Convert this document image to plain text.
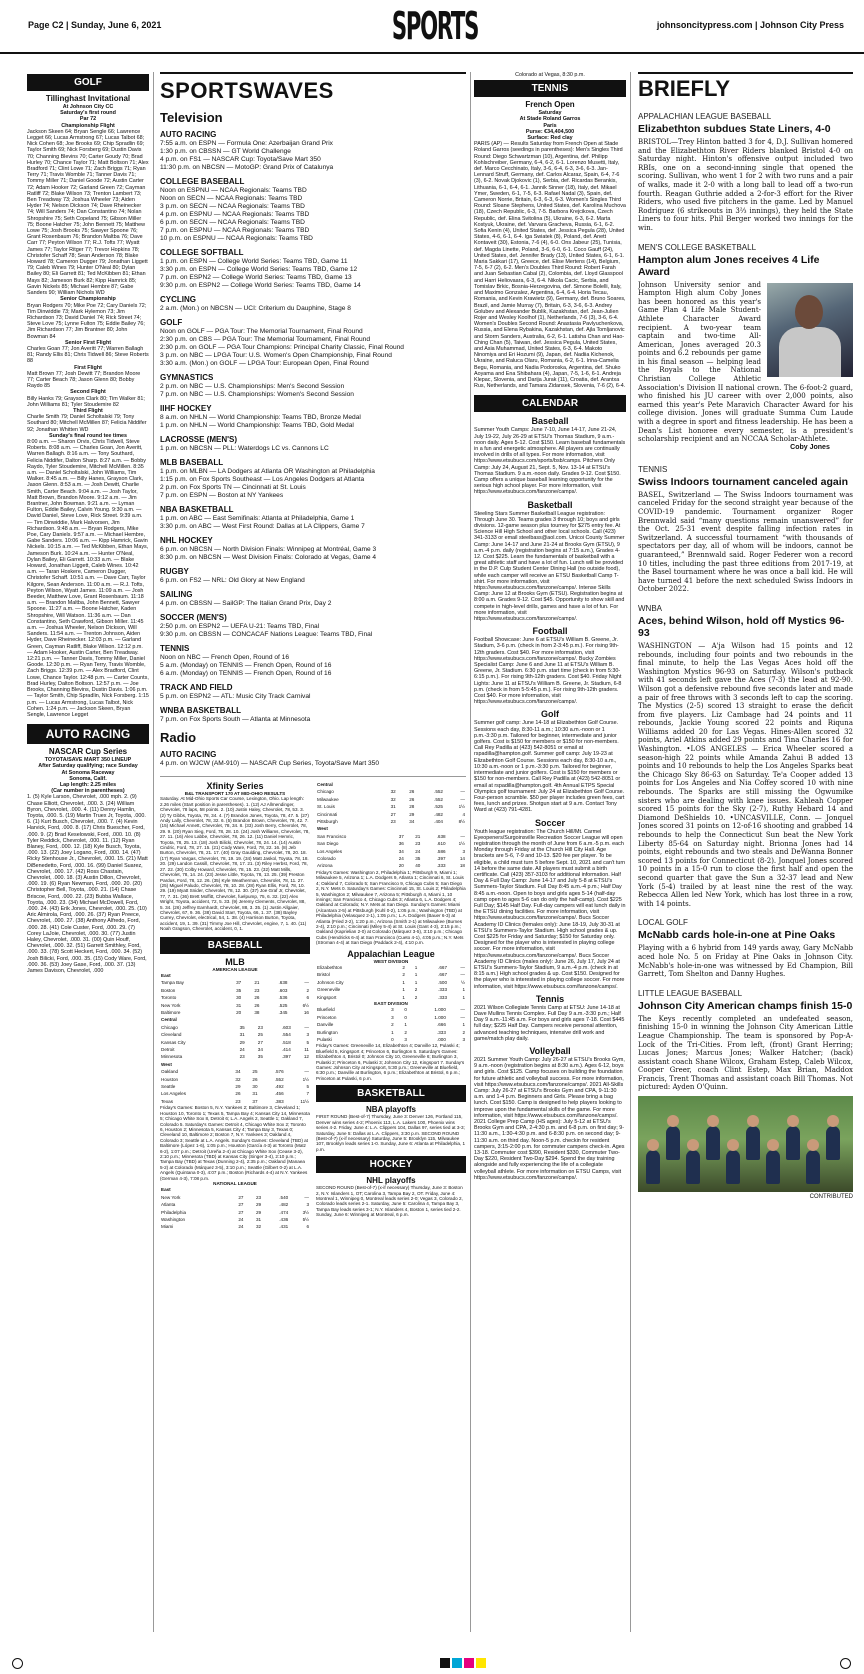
Page C2 | Sunday, June 6, 2021	SPORTS	johnsoncitypress.com | Johnson City Press
GOLF
Tillinghast Invitational
At Johnson City CC
Saturday's first round
Par 72
Championship Flight
Jackson Skeen 64; Bryan Sengle 66; Lawrence Legget 66; Lucas Armstrong 67; Lucas Talbot 68; Nick Cohen 68; Joe Brooks 69; Chip Spradlin 69; Taylor Smith 69; Nick Forsberg 69; Dustin Davis 70; Channing Blevins 70; Carter Goudy 70; Brad Hurley 70; Chance Taylor 71; Matt Boltson 71; Alex Bradford 71; Clint Lowe 71; Zach Briggs 71; Ryan Terry 71; Travis Womble 71; Tanner Davis 71; Tommy Miller 71; Daniel Goode 72; Austin Carter 72; Adam Hooker 72; Garland Green 72; Cayman Ratliff 72; Blake Wilson 73; Trenton Lambert 73; Ben Treadway 73; Joshua Wheeler 73; Aiden Hyder 74; Nelson Dickson 74; Dave Rheinecker 74; Will Sanders 74; Dan Constantino 74; Nolan Shropshire 75; Seth Copeland 75; Gibson Miller 75; Boone Hatcher 75; John Bennett 75; Matthew Lowe 75; Josh Brooks 75; Sawyer Spoone 76; Grant Rosenbaum 76; Brandon Maltba 76; Dave Carr 77; Peyton Wilson 77; R.J. Tofts 77; Wyatt James 77; Taylor Ritger 77; Trevor Hopkins 78; Christofer Schaff 78; Sean Anderson 78; Blake Howard 78; Cameron Dugger 79; Jonathan Liggett 79; Caleb Wines 79; Hunter O'Neal 80; Dylan Bailey 80; Eli Garrett 81; Ted McKibben 81; Ethan Mays 82; Jameson Burk 82; Kipp Hamrick 85; Gavin Nickels 85; Michael Hembre 87; Gabe Sanders 90; William Nichols WD
Senior Championship
Bryan Rodgers 70; Mike Poe 72; Cary Daniels 72; Tim Dinwiddie 73; Mark Hylemon 73; Jim Richardson 73; David Daniel 74; Rick Street 74; Steve Love 75; Lynne Fulton 75; Eddie Bailey 76; Jim Richardson 77; Jim Brantner 80; John Bowman 84
Senior First Flight
Charles Goan 77; Jon Averitt 77; Warren Ballagh 81; Randy Ellis 81; Chris Tidwell 86; Steve Roberts 88
First Flight
Matt Brown 77; Josh Dewitt 77; Brandon Moore 77; Carter Beach 78; Jason Glenn 80; Bobby Raydo 85
Second Flight
Billy Hanks 79; Grayson Clark 80; Tim Walker 81; John Williams 81; Tyler Stoudemire 82
Third Flight
Charlie Smith 79; Daniel Scholtalski 79; Tony Southard 80; Mitchell McMillen 87; Felicia Niddifer 92; Jonathan Whitten WD
Sunday's final round tee times
8:00 a.m. — Sharon Orvis, Chris Tidwell, Steve Roberts. 8:08 a.m. — Charles Goan, Jon Averitt, Warren Ballagh. 8:16 a.m. — Tony Southard, Felicia Niddifer, Dalton Sharp. 8:27 a.m. — Bobby Raydo, Tyler Stoudemire, Mitchell McMillen. 8:35 a.m. — Daniel Scholtalski, John Williams, Tim Walker. 8:45 a.m. — Billy Hanes, Grayson Clark, Jason Glenn. 8:53 a.m. — Josh Dewitt, Charlie Smith, Carter Beach. 9:04 a.m. — Josh Taylor, Matt Brown, Brandon Moore. 9:12 a.m. — Jim Brantner, John Bowman. 9:21 a.m. — Lyman Fulton, Eddie Bailey, Calvin Young. 9:30 a.m. — David Daniel, Steve Love, Rick Street. 9:39 a.m. — Tim Dinwiddie, Mark Halvorsen, Jim Richardson. 9:48 a.m. — Bryan Rodgers, Mike Poe, Cary Daniels. 9:57 a.m. — Michael Hembre, Gabe Sanders. 10:06 a.m. — Kipp Hamrick, Gavin Nickels. 10:15 a.m. — Ted McKibben, Ethan Mays, Jameson Burk. 10:24 a.m. — Hunter O'Neal, Dylan Bailey, Eli Garrett. 10:33 a.m. — Blake Howard, Jonathan Liggett, Caleb Wines. 10:42 a.m. — Taran Hoskere, Cameron Dugger, Christofer Schaff. 10:51 a.m. — Dave Carr, Taylor Kilgore, Sean Anderson. 11:00 a.m. — R.J. Tofts, Peyton Wilson, Wyatt James. 11:09 a.m. — Josh Beeder, Matthew Love, Grant Rosenbaum. 11:18 a.m. — Brandon Maltba, John Bennett, Sawyer Spoone. 11:27 a.m. — Boone Hatcher, Kaden Shropshire, Will Watson. 11:36 a.m. — Dan Constantino, Seth Crawford, Gibson Miller. 11:45 a.m. — Joshua Wheeler, Nelson Dickson, Will Sanders. 11:54 a.m. — Trenton Johnson, Aiden Hyder, Dave Rheinecker. 12:03 p.m. — Garland Green, Cayman Ratliff, Blake Wilson. 12:12 p.m. — Adam Hooker, Austin Carter, Ben Treadway. 12:21 p.m. — Tanner Davis, Tommy Miller, Daniel Goode. 12:30 p.m. — Ryan Terry, Travis Womble, Zach Briggs. 12:39 p.m. — Alex Bradford, Clint Lowe, Chance Taylor. 12:48 p.m. — Carter Counts, Brad Hurley, Dalton Boltson. 12:57 p.m. — Joe Brooks, Channing Blevins, Dustin Davis. 1:06 p.m. — Taylor Smith, Chip Spradlin, Nick Forsberg. 1:15 p.m. — Lucas Armstrong, Lucas Talbot, Nick Cohen. 1:24 p.m. — Jackson Skeen, Bryan Sengle, Lawrence Legget
AUTO RACING
NASCAR Cup Series
TOYOTA/SAVE MART 350 LINEUP
After Saturday qualifying; race Sunday
At Sonoma Raceway
Sonoma, Calif.
Lap length: 2.25 miles
(Car number in parentheses)
1. (5) Kyle Larson, Chevrolet, .000 mph. 2. (9) Chase Elliott, Chevrolet, .000. 3. (24) William Byron, Chevrolet, .000. 4. (11) Denny Hamlin, Toyota, .000. 5. (19) Martin Truex Jr, Toyota, .000. 6. (1) Kurt Busch, Chevrolet, .000. 7. (4) Kevin Harvick, Ford, .000. 8. (17) Chris Buescher, Ford, .000. 9. (2) Brad Keselowski, Ford, .000. 10. (8) Tyler Reddick, Chevrolet, .000. 11. (12) Ryan Blaney, Ford, .000. 12. (18) Kyle Busch, Toyota, .000. 13. (22) Joey Logano, Ford, .000. 14. (47) Ricky Stenhouse Jr., Chevrolet, .000. 15. (21) Matt DiBenedetto, Ford, .000. 16. (99) Daniel Suarez, Chevrolet, .000. 17. (42) Ross Chastain, Chevrolet, .000. 18. (3) Austin Dillon, Chevrolet, .000. 19. (6) Ryan Newman, Ford, .000. 20. (20) Christopher Bell, Toyota, .000. 21. (14) Chase Briscoe, Ford, .000. 22. (23) Bubba Wallace, Toyota, .000. 23. (34) Michael McDowell, Ford, .000. 24. (43) Erik Jones, Chevrolet, .000. 25. (10) Aric Almirola, Ford, .000. 26. (37) Ryan Preece, Chevrolet, .000. 27. (38) Anthony Alfredo, Ford, .000. 28. (41) Cole Custer, Ford, .000. 29. (7) Corey LaJoie, Chevrolet, .000. 30. (77) Justin Haley, Chevrolet, .000. 31. (00) Quin Houff, Chevrolet, .000. 32. (51) Garrett Smithley, Ford, .000. 33. (78) Scott Heckert, Ford, .000. 34. (52) Josh Bilicki, Ford, .000. 35. (15) Cody Ware, Ford, .000. 36. (53) Joey Gase, Ford, .000. 37. (13) James Davison, Chevrolet, .000
SPORTSWAVES
Television
AUTO RACING
7:55 a.m. on ESPN — Formula One: Azerbaijan Grand Prix
1:30 p.m. on CBSSN — GT World Challenge
4 p.m. on FS1 — NASCAR Cup: Toyota/Save Mart 350
11:30 p.m. on NBCSN — MotoGP: Grand Prix of Catalunya
COLLEGE BASEBALL
Noon on ESPNU — NCAA Regionals: Teams TBD
Noon on SECN — NCAA Regionals: Teams TBD
3 p.m. on SECN — NCAA Regionals: Teams TBD
4 p.m. on ESPNU — NCAA Regionals: Teams TBD
6 p.m. on SECN — NCAA Regionals: Teams TBD
7 p.m. on ESPNU — NCAA Regionals: Teams TBD
10 p.m. on ESPNU — NCAA Regionals: Teams TBD
COLLEGE SOFTBALL
1 p.m. on ESPN — College World Series: Teams TBD, Game 11
3:30 p.m. on ESPN — College World Series: Teams TBD, Game 12
7 p.m. on ESPN2 — College World Series: Teams TBD, Game 13
9:30 p.m. on ESPN2 — College World Series: Teams TBD, Game 14
CYCLING
2 a.m. (Mon.) on NBCSN — UCI: Criterium du Dauphine, Stage 8
GOLF
Noon on GOLF — PGA Tour: The Memorial Tournament, Final Round
2:30 p.m. on CBS — PGA Tour: The Memorial Tournament, Final Round
2:30 p.m. on GOLF — PGA Tour Champions: Principal Charity Classic, Final Round
3 p.m. on NBC — LPGA Tour: U.S. Women's Open Championship, Final Round
3:30 a.m. (Mon.) on GOLF — LPGA Tour: European Open, Final Round
GYMNASTICS
2 p.m. on NBC — U.S. Championships: Men's Second Session
7 p.m. on NBC — U.S. Championships: Women's Second Session
IIHF HOCKEY
8 a.m. on NHLN — World Championship: Teams TBD, Bronze Medal
1 p.m. on NHLN — World Championship: Teams TBD, Gold Medal
LACROSSE (MEN'S)
1 p.m. on NBCSN — PLL: Waterdogs LC vs. Cannons LC
MLB BASEBALL
1 p.m. on MLBN — LA Dodgers at Atlanta OR Washington at Philadelphia
1:15 p.m. on Fox Sports Southeast — Los Angeles Dodgers at Atlanta
2 p.m. on Fox Sports TN — Cincinnati at St. Louis
7 p.m. on ESPN — Boston at NY Yankees
NBA BASKETBALL
1 p.m. on ABC — East Semifinals: Atlanta at Philadelphia, Game 1
3:30 p.m. on ABC — West First Round: Dallas at LA Clippers, Game 7
NHL HOCKEY
6 p.m. on NBCSN — North Division Finals: Winnipeg at Montréal, Game 3
8:30 p.m. on NBCSN — West Division Finals: Colorado at Vegas, Game 4
RUGBY
6 p.m. on FS2 — NRL: Old Glory at New England
SAILING
4 p.m. on CBSSN — SailGP: The Italian Grand Prix, Day 2
SOCCER (MEN'S)
2:50 p.m. on ESPN2 — UEFA U-21: Teams TBD, Final
9:30 p.m. on CBSSN — CONCACAF Nations League: Teams TBD, Final
TENNIS
Noon on NBC — French Open, Round of 16
5 a.m. (Monday) on TENNIS — French Open, Round of 16
6 a.m. (Monday) on TENNIS — French Open, Round of 16
TRACK AND FIELD
5 p.m. on ESPN2 — ATL: Music City Track Carnival
WNBA BASKETBALL
7 p.m. on Fox Sports South — Atlanta at Minnesota
Radio
AUTO RACING
4 p.m. on WJCW (AM-910) — NASCAR Cup Series, Toyota/Save Mart 350
Xfinity Series
B&L TRANSPORT 170 AT MID-OHIO RESULTS
Saturday. At Mid-Ohio Sports Car Course, Lexington, Ohio. Lap length: 2.26 miles (Start position in parentheses). 1. (12) AJ Allmendinger, Chevrolet, 78 laps, 58 points. 2. (10) Justin Haley, Chevrolet, 78, 53. 3. (2) Ty Gibbs, Toyota, 78, 34. 4. (7) Brandon Jones, Toyota, 78, 47. 5. (27) Andy Lally, Chevrolet, 78, 32. 6. (5) Brandon Brown, Chevrolet, 78, 42. 7. (15) Michael Annett, Chevrolet, 78, 34. 8. (33) Josh Berry, Chevrolet, 78, 29. 9. (20) Ryan Sieg, Ford, 78, 28. 10. (24) Josh Williams, Chevrolet, 78, 27. 11. (16) Alex Labbe, Chevrolet, 78, 26. 12. (11) Daniel Hemric, Toyota, 78, 25. 13. (18) Josh Bilicki, Chevrolet, 78, 24. 14. (14) Austin Cindric, Ford, 78, 27. 15. (21) Cody Ware, Ford, 78, 22. 16. (8) Jeb Burton, Chevrolet, 78, 21. 17. (40) Gray Gaulding, Chevrolet, 78, 20. 18. (17) Ryan Vargas, Chevrolet, 78, 19. 19. (34) Matt Jaskol, Toyota, 78, 18. 20. (29) Landon Cassill, Chevrolet, 78, 17. 21. (3) Riley Herbst, Ford, 78, 27. 22. (30) Colby Howard, Chevrolet, 78, 15. 23. (32) Matt Mills, Chevrolet, 78, 14. 24. (23) Jesse Little, Toyota, 78, 13. 25. (39) Preston Pardus, Ford, 78, 12. 26. (35) Kyle Weatherman, Chevrolet, 78, 11. 27. (25) Miguel Paludo, Chevrolet, 78, 10. 28. (28) Ryan Ellis, Ford, 78, 10. 29. (19) Myatt Snider, Chevrolet, 78, 12. 30. (37) Joe Graf Jr, Chevrolet, 77, 7. 31. (36) Brett Moffitt, Chevrolet, fuelpump, 75, 6. 32. (22) Alex Wright, Toyota, accident, 72, 5. 33. (9) Jeremy Clements, Chevrolet, 88, 5. 34. (26) Jeffrey Earnhardt, Chevrolet, 88, 3. 35. (1) Justin Allgaier, Chevrolet, 67, 9. 36. (38) David Starr, Toyota, 66, 1. 37. (38) Bayley Currey, Chevrolet, electrical, 54, 1. 38. (4) Harrison Burton, Toyota, accident, 19, 1. 39. (31) Timmy Joe Hill, Chevrolet, engine, 7, 1. 40. (11) Noah Gragson, Chevrolet, accident, 0, 1.
BASEBALL
MLB
AMERICAN LEAGUE
East				
Tampa Bay	37	21	.638	—
Boston	35	23	.603	2
Toronto	30	26	.536	6
New York	31	26	.525	6½
Baltimore	20	38	.345	16
Central				
Chicago	35	23	.603	—
Cleveland	31	25	.554	3
Kansas City	29	27	.518	5
Detroit	24	34	.414	11
Minnesota	23	35	.397	12
West				
Oakland	34	25	.576	—
Houston	32	26	.552	1½
Seattle	29	30	.492	5
Los Angeles	26	31	.456	7
Texas	23	37	.383	11½
Friday's Games: Boston 5, N.Y. Yankees 2; Baltimore 3, Cleveland 1; Houston 10, Toronto 1; Texas 5, Tampa Bay 4; Kansas City 14, Minnesota 5; Chicago White Sox 8, Detroit 6; L.A. Angels 2, Seattle 1; Oakland 7, Colorado 5. Saturday's Games: Detroit 4, Chicago White Sox 2; Toronto 6, Houston 2; Minnesota 5, Kansas City 4; Tampa Bay 3, Texas 0; Cleveland 10, Baltimore 2; Boston 7, N.Y. Yankees 3; Oakland 4, Colorado 3; Seattle at L.A. Angels. Sunday's Games: Cleveland (TBD) at Baltimore (López 1-6), 1:05 p.m.; Houston (García 4-3) at Toronto (Matz 6-2), 1:07 p.m.; Detroit (Ureña 2-4) at Chicago White Sox (Cease 3-2), 2:10 p.m.; Minnesota (TBD) at Kansas City (Singer 3-4), 2:10 p.m.; Tampa Bay (TBD) at Texas (Dunning 2-4), 2:35 p.m.; Oakland (Manaea 5-2) at Colorado (Márquez 3-5), 3:10 p.m.; Seattle (Gilbert 0-2) at L.A. Angels (Quintana 0-3), 4:07 p.m.; Boston (Richards 4-4) at N.Y. Yankees (German 4-3), 7:08 p.m.
NATIONAL LEAGUE
East				
New York	27	23	.540	—
Atlanta	27	29	.482	3
Philadelphia	27	29	.474	3½
Washington	24	31	.436	5½
Miami	24	32	.431	6
Central				
Chicago	32	26	.552	—
Milwaukee	32	26	.552	—
St. Louis	31	28	.525	1½
Cincinnati	27	29	.482	4
Pittsburgh	23	34	.404	8½
West				
San Francisco	37	21	.638	—
San Diego	36	23	.610	1½
Los Angeles	34	24	.586	3
Colorado	24	35	.397	14
Arizona	20	40	.333	18
Friday's Games: Washington 2, Philadelphia 1; Pittsburgh 9, Miami 1; Milwaukee 5, Arizona 1; L.A. Dodgers 9, Atlanta 1; Cincinnati 6, St. Louis 4; Oakland 7, Colorado 5; San Francisco 9, Chicago Cubs 5; San Diego 2, N.Y. Mets 0. Saturday's Games: Cincinnati 15, St. Louis 2; Philadelphia 5, Washington 2; Milwaukee 7, Arizona 5; Pittsburgh 4, Miami 1, 10 innings; San Francisco 4, Chicago Cubs 3; Atlanta 6, L.A. Dodgers 4; Oakland at Colorado; N.Y. Mets at San Diego. Sunday's Games: Miami (Alcantara 2-5) at Pittsburgh (Kuhl 0-2), 1:05 p.m.; Washington (TBD) at Philadelphia (Velasquez 2-1), 1:05 p.m.; L.A. Dodgers (Bauer 6-3) at Atlanta (Fried 2-2), 1:20 p.m.; Arizona (Smith 2-1) at Milwaukee (Burnes 2-4), 2:10 p.m.; Cincinnati (Miley 5-4) at St. Louis (Gant 4-3), 2:15 p.m.; Oakland (Kaprielian 2-0) at Colorado (Márquez 3-5), 3:10 p.m.; Chicago Cubs (Hendricks 6-4) at San Francisco (Cueto 4-1), 4:05 p.m.; N.Y. Mets (Stroman 4-4) at San Diego (Paddack 2-4), 4:10 p.m.
Appalachian League
WEST DIVISION
Elizabethton	2	1	.667	—
Bristol	2	1	.667	—
Johnson City	1	1	.500	½
Greeneville	1	2	.333	1
Kingsport	1	2	.333	1
EAST DIVISION
Bluefield	3	0	1.000	—
Princeton	3	0	1.000	—
Danville	2	1	.666	1
Burlington	1	2	.333	2
Pulaski	0	3	.000	3
Friday's Games: Greeneville 14, Elizabethton 4; Danville 12, Pulaski 4; Bluefield 5, Kingsport 4; Princeton 6, Burlington 5. Saturday's Games: Elizabethton 4, Bristol 0; Johnson City 10, Greeneville 6; Burlington 3, Pulaski 2; Princeton 6, Pulaski 3; Johnson City 12, Kingsport 7. Sunday's Games: Johnson City at Kingsport, 5:30 p.m.; Greeneville at Bluefield, 6:30 p.m.; Danville at Burlington, 6 p.m.; Elizabethton at Bristol, 6 p.m.; Princeton at Pulaski, 6 p.m.
BASKETBALL
NBA playoffs
FIRST ROUND (Best-of-7) Thursday, June 3: Denver 126, Portland 115, Denver wins series 4-2; Phoenix 113, L.A. Lakers 100, Phoenix wins series 4-2. Friday, June 4: L.A. Clippers 104, Dallas 97, series tied at 3-3; Saturday, June 5: Dallas at L.A. Clippers, 3:30 p.m. SECOND ROUND (Best-of-7) (x-if necessary) Saturday, June 5: Brooklyn 115, Milwaukee 107, Brooklyn leads series 1-0. Sunday, June 6: Atlanta at Philadelphia, 1 p.m.
HOCKEY
NHL playoffs
SECOND ROUND (Best-of-7) (x-if necessary) Thursday, June 3: Boston 2, N.Y. Islanders 1, OT; Carolina 3, Tampa Bay 2, OT. Friday, June 4: Montreal 1, Winnipeg 0, Montreal leads series 2-0; Vegas 3, Colorado 2, Colorado leads series 2-1. Saturday, June 5: Carolina 4, Tampa Bay 3, Tampa Bay leads series 3-1; N.Y. Islanders 4, Boston 1, series tied 2-2. Sunday, June 6: Winnipeg at Montreal, 6 p.m.
Colorado at Vegas, 8:30 p.m.
TENNIS
French Open
Saturday
At Stade Roland Garros
Paris
Purse: €34,404,500
Surface: Red clay
PARIS (AP) — Results Saturday from French Open at Stade Roland Garros (seedings in parentheses): Men's Singles Third Round: Diego Schwartzman (10), Argentina, def. Philipp Kohlschreiber, Germany, 6-4, 6-2, 6-1. Lorenzo Musetti, Italy, def. Marco Cecchinato, Italy, 3-6, 6-4, 6-3, 3-6, 6-3. Jan-Lennard Struff, Germany, def. Carlos Alcaraz, Spain, 6-4, 7-6 (3), 6-2. Novak Djokovic (1), Serbia, def. Ricardas Berankis, Lithuania, 6-1, 6-4, 6-1. Jannik Sinner (18), Italy, def. Mikael Ymer, Sweden, 6-1, 7-5, 6-3. Rafael Nadal (3), Spain, def. Cameron Norrie, Britain, 6-3, 6-3, 6-3. Women's Singles Third Round: Sloane Stephens, United States, def. Karolina Muchova (18), Czech Republic, 6-3, 7-5. Barbora Krejcikova, Czech Republic, def. Elina Svitolina (5), Ukraine, 6-3, 6-2. Marta Kostyuk, Ukraine, def. Varvara Gracheva, Russia, 6-1, 6-2. Sofia Kenin (4), United States, def. Jessica Pegula (28), United States, 4-6, 6-1, 6-4. Iga Swiatek (8), Poland, def. Anett Kontaveit (30), Estonia, 7-6 (4), 6-0. Ons Jabeur (25), Tunisia, def. Magda Linette, Poland, 3-6, 6-0, 6-1. Coco Gauff (24), United States, def. Jennifer Brady (13), United States, 6-1, 6-1. Maria Sakkari (17), Greece, def. Elise Mertens (14), Belgium, 7-5, 6-7 (2), 6-2. Men's Doubles Third Round: Robert Farah and Juan Sebastian Cabal (2), Colombia, def. Lloyd Glasspool and Harri Heliovaara, 6-3, 6-4. Nikola Cacic, Serbia, and Tomislav Brkic, Bosnia-Herzegovina, def. Simone Bolelli, Italy, and Maximo Gonzalez, Argentina, 6-4, 6-4. Horia Tecau, Romania, and Kevin Krawietz (9), Germany, def. Bruno Soares, Brazil, and Jamie Murray (7), Britain, 6-3, 3-6, 6-3. Andrey Golubev and Alexander Bublik, Kazakhstan, def. Jean-Julien Rojer and Wesley Koolhof (1), Netherlands, 7-6 (3), 3-6, 6-4. Women's Doubles Second Round: Anastasia Pavlyuchenkova, Russia, and Elena Rybakina, Kazakhstan, def. Ajla Tomljanovic and Storm Sanders, Australia, 6-2, 6-1. Latisha Chan and Hao-Ching Chan (5), Taiwan, def. Jessica Pegula, United States, and Asia Muhammad, United States, 6-3, 6-4. Makoto Ninomiya and Eri Hozumi (9), Japan, def. Nadiia Kichenok, Ukraine, and Raluca Olaru, Romania, 6-2, 6-1. Irina-Camelia Begu, Romania, and Nadia Podoroska, Argentina, def. Shuko Aoyama and Ena Shibahara (4), Japan, 7-5, 1-6, 6-1. Andreja Klepac, Slovenia, and Darija Jurak (11), Croatia, def. Arantxa Rus, Netherlands, and Tamara Zidansek, Slovenia, 7-6 (2), 6-4.
CALENDAR
Baseball
Summer Youth Camps: June 7-10, June 14-17, June 21-24, July 19-22, July 26-29 at ETSU's Thomas Stadium, 9 a.m.-noon daily. Ages 5-12. Cost $150. Learn baseball fundamentals in a fun and energetic atmosphere. All players are continually involved in drills of all types. For more information, visit https://www.etsubucs.com/sports/bsb/camps. Pitchers Only Camp: July 24, August 21, Sept. 5, Nov. 13-14 at ETSU's Thomas Stadium. 9 a.m.-noon daily. Grades 9-12. Cost $150. Camp offers a unique baseball learning opportunity for the serious high school player. For more information, visit https://www.etsubucs.com/fanzone/camps/.
Basketball
Steeling Stars Summer Basketball League registration: Through June 30. Teams grades 3 through 10; boys and girls divisions. 12-game season plus tourney for $275 entry fee. At Science Hill High School and other local schools. Call (423) 341-3133 or email steelbass@aol.com. Unicoi County Summer Camp: June 14-17 and June 21-24 at Brooks Gym (ETSU), 9 a.m.-4 p.m. daily (registration begins at 7:15 a.m.), Grades 4-12. Cost $225. Learn the fundamentals of basketball with a great athletic staff and have a lot of fun. Lunch will be provided in the D.P. Culp Student Center Dining Hall (no outside food), while each camper will receive an ETSU Basketball Camp T-shirt. For more information, visit https://www.etsubucs.com/fanzone/camps/. Intense Skills Camp: June 12 at Brooks Gym (ETSU). Registration begins at 8:00 a.m. Grades 9-12. Cost $45. Opportunity to show skill and compete in high-level drills, games and have a lot of fun. For more information, visit https://www.etsubucs.com/fanzone/camps/.
Football
Football Showcase: June 6 at ETSU's William B. Greene, Jr. Stadium, 3-6 p.m. (check in from 2-3:45 p.m.). For rising 9th-12th graders. Cost $40. For more information, visit https://www.etsubucs.com/fanzone/camps/. Bucky Zombies Specialist Camp: June 6 and June 11 at ETSU's William B. Greene, Jr. Stadium. 6:30 p.m. start time (check in from 5:30-6:15 p.m.). For rising 9th-12th graders. Cost $40. Friday Night Lights: June 11 at ETSU's William B. Greene, Jr. Stadium, 6-8 p.m. (check in from 5-5:45 p.m.). For rising 9th-12th graders. Cost $40. For more information, visit https://www.etsubucs.com/fanzone/camps/.
Golf
Summer golf camp: June 14-18 at Elizabethton Golf Course. Sessions each day, 8:30-11 a.m.; 10:30 a.m.-noon or 1 p.m.-3:30 p.m. Tailored for beginner, intermediate and junior golfers. Cost is $150 for members or $150 for non-members. Call Rey Padilla at (423) 542-8051 or email at rspadilla@hampton.golf. Summer golf camp: July 19-23 at Elizabethton Golf Course. Sessions each day, 8:30-10 a.m., 10:30 a.m.-noon or 1 p.m.-3:30 p.m. Tailored for beginner, intermediate and junior golfers. Cost is $150 for members or $150 for non-members. Call Rey Padilla at (423) 542-8051 or email at rspadilla@hampton.golf. 4th Annual ETPS Special Olympics golf tournament: July 24 at Elizabethton Golf Course. Four-person scramble. $50 per player includes green fees, cart fees, lunch and prizes. Shotgun start at 9 a.m. Contact Tony Ward at (423) 791-4281.
Soccer
Youth league registration: The Church Hill/Mt. Carmel Eyeopeners/Surgoinsville Recreation Soccer League will open registration through the month of June from 6 a.m.-5 p.m. each Monday through Friday at the Church Hill City Hall. Age brackets are 5-6, 7-9 and 10-13. $20 fee per player. To be eligible, a child must turn 5 before Sept. 10, 2021 and can't turn 14 before the same date. All players must submit a birth certificate. Call (423) 357-3103 for additional information. Half Day & Full Day Camp: June 14-17 and July 5-8 at ETSU's Summers-Taylor Stadium. Full Day 8:45 a.m.-4 p.m.; Half Day 8:45 a.m.-noon. Open to boys and girls ages 5-14 (half-day camp open to ages 5-6 can do only the half-camp). Cost $225 Full Day; $145 Half Day. Full-day campers will eat lunch daily in the ETSU dining facilities. For more information, visit https://www.etsubucs.com/fanzone/camps/. Bucs Soccer Academy ID Clinics (females only): June 18-19, July 30-31 at ETSU's Summers-Taylor Stadium. High school grades & up. Cost $225 for Friday and Saturday; $150 for Saturday only. Designed for the player who is interested in playing college soccer. For more information, visit https://www.etsubucs.com/fanzone/camps/. Bucs Soccer Academy ID Clinics (males only): June 26, July 17, July 24 at ETSU's Summers-Taylor Stadium, 9 a.m.-4 p.m. (check in at 8:15 a.m.) High school grades & up. Cost $150. Designed for the player who is interested in playing college soccer. For more information, visit https://www.etsubucs.com/fanzone/camps/.
Tennis
2021 Wilson Collegiate Tennis Camp at ETSU: June 14-18 at Dave Mullins Tennis Complex. Full Day 9 a.m.-3:30 p.m.; Half Day 9 a.m.-11:45 a.m. For boys and girls ages 7-18. Cost $445 full day; $225 Half Day. Campers receive personal attention, advanced teaching techniques, intensive drill work and game/match play daily.
Volleyball
2021 Summer Youth Camp: July 26-27 at ETSU's Brooks Gym, 9 a.m.-noon (registration begins at 8:30 a.m.). Ages 6-12, boys and girls. Cost $125. Camp focuses on building the foundation for future athletic and volleyball success. For more information, visit https://www.etsubucs.com/fanzone/camps/. 2021 All-Skills Camp: July 26-27 at ETSU's Brooks Gym and CPA, 9-11:30 a.m. and 1-4 p.m. Beginners and Girls. Please bring a bag lunch. Cost $150. Camp is designed to help players looking to improve upon the fundamental skills of the game. For more information, visit https://www.etsubucs.com/fanzone/camps/. 2021 College Prep Camp (HS ages): July 5-12 at ETSU's Brooks Gym and CPA, 2-4:30 p.m. and 6-8 p.m. on first day; 9-11:30 a.m., 1:30-4:30 p.m. and 6-8:30 p.m. on second day; 9-11:30 a.m. on third day. Noon-5 p.m. checkin for resident campers, 3:15-2:00 p.m. for commuter campers check-in. Ages 13-18. Commuter cost $390, Resident $330, Commuter Two-Day $220, Resident Two-Day $294. Spend the day training alongside and fully experiencing the life of a collegiate volleyball athlete. For more information on ETSU Camps, visit https://www.etsubucs.com/fanzone/camps/.
BRIEFLY
APPALACHIAN LEAGUE BASEBALL
Elizabethton subdues State Liners, 4-0
BRISTOL—Trey Hinton batted 3 for 4, D.J. Sullivan homered and the Elizabethton River Riders blanked Bristol 4-0 on Saturday night. Hinton's offensive output included two RBIs, one on a second-inning single that opened the scoring. Sullivan, who went 1 for 2 with two runs and a pair of walks, made it 2-0 with a long ball to lead off a two-run fourth. Reagan Guthrie added a 2-for-3 effort for the River Riders, who used five pitchers in the game. Led by Manuel Rodriguez (6 strikeouts in 3⅔ innings), they held the State Liners to four hits. Phil Berger worked two innings for the win.
MEN'S COLLEGE BASKETBALL
Hampton alum Jones receives 4 Life Award
Johnson University senior and Hampton High alum Coby Jones has been honored as this year's Game Plan 4 Life Male Student-Athlete Character Award recipient. A two-year team captain and two-time All-American, Jones averaged 20.3 points and 6.2 rebounds per game in his final season — helping lead the Royals to the National Christian College Athletic Association's Division II national crown. The 6-foot-2 guard, who finished his JU career with over 2,000 points, also earned this year's Pete Maravich Character Award for his college division. Jones will graduate Summa Cum Laude with a degree in sport and fitness leadership. He has been a Dean's List honoree every semester, is a president's scholarship recipient and an NCCAA Scholar-Athlete.
Coby Jones
TENNIS
Swiss Indoors tournament canceled again
BASEL, Switzerland — The Swiss Indoors tournament was canceled Friday for the second straight year because of the COVID-19 pandemic. Tournament organizer Roger Brennwald said “many questions remain unanswered” for the Oct. 25-31 event despite falling infection rates in Switzerland. A successful tournament “with thousands of spectators per day, all of whom will be indoors, cannot be guaranteed,” Brennwald said. Roger Federer won a record 10 titles, including the past three editions from 2017-19, at the Basel tournament where he was once a ball kid. He will have turned 41 before the next scheduled Swiss Indoors in October 2022.
WNBA
Aces, behind Wilson, hold off Mystics 96-93
WASHINGTON — A'ja Wilson had 15 points and 12 rebounds, including four points and two rebounds in the final minute, to help the Las Vegas Aces hold off the Washington Mystics 96-93 on Saturday. Wilson's putback with 41 seconds left gave the Aces (7-3) the lead at 92-90. Wilson got a defensive rebound five seconds later and made a pair of free throws with 3 seconds left to cap the scoring. The Mystics (2-5) scored 13 straight to erase the deficit from five players. Liz Cambage had 24 points and 11 rebounds, Jackie Young scored 22 points and Riquna Williams added 20 for Las Vegas. Hines-Allen scored 32 points, Ariel Atkins added 29 points and Tina Charles 16 for Washington. •LOS ANGELES — Erica Wheeler scored a season-high 22 points while Amanda Zahui B added 13 points and 10 rebounds to help the Los Angeles Sparks beat the Chicago Sky 86-63 on Saturday. Te'a Cooper added 13 points for Los Angeles and Nia Coffey scored 10 with nine rebounds. The Sparks are still missing the Ogwumike sisters who are dealing with knee issues. Kahleah Copper scored 15 points for the Sky (2-7), Ruthy Hebard 14 and Diamond DeShields 10. •UNCASVILLE, Conn. — Jonquel Jones scored 31 points on 12-of-16 shooting and grabbed 14 rebounds to help the Connecticut Sun beat the New York Liberty 85-64 on Saturday night. Brionna Jones had 14 points, eight rebounds and two steals and DeWanna Bonner scored 13 points for Connecticut (8-2). Jonquel Jones scored 10 points in a 15-0 run to close the first half and open the second quarter that gave the Sun a 32-37 lead and New York (5-4) trailed by at least nine the rest of the way. Rebecca Allen led New York, which has lost three in a row, with 14 points.
LOCAL GOLF
McNabb cards hole-in-one at Pine Oaks
Playing with a 6 hybrid from 149 yards away, Gary McNabb aced hole No. 5 on Friday at Pine Oaks in Johnson City. McNabb's hole-in-one was witnessed by Ed Champion, Bill Garrett, Tom Shelton and Danny Hughes.
LITTLE LEAGUE BASEBALL
Johnson City American champs finish 15-0
The Keys recently completed an undefeated season, finishing 15-0 in winning the Johnson City American Little League Championship. The team is sponsored by Pop-A-Lock of the Tri-Cities. From left, (front) Grant Herring; Lucas Jones; Marcus Jones; Walker Hatcher; (back) assistant coach Shane Wilcox, Graham Estep, Caleb Wilcox, Cooper Greer, coach Clint Estep, Max Brian, Maddox Francis, Trent Thomas and assistant coach Bill Thomas. Not pictured: Ayden O'Quinn.
CONTRIBUTED
